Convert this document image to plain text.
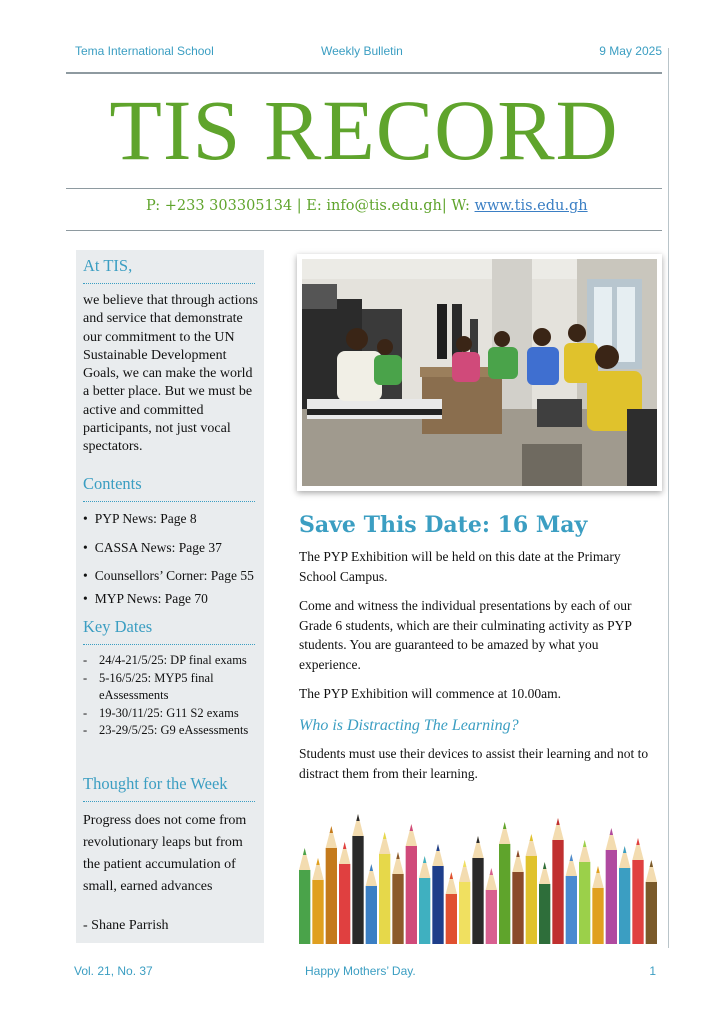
Tema International School	Weekly Bulletin	9 May 2025
TIS RECORD
P: +233 303305134 | E: info@tis.edu.gh| W: www.tis.edu.gh
At TIS,
we believe that through actions and service that demonstrate our commitment to the UN Sustainable Development Goals, we can make the world a better place. But we must be active and committed participants, not just vocal spectators.
Contents
• PYP News: Page 8
• CASSA News: Page 37
• Counsellors’ Corner: Page 55
• MYP News: Page 70
Key Dates
- 24/4-21/5/25: DP final exams
- 5-16/5/25: MYP5 final eAssessments
- 19-30/11/25: G11 S2 exams
- 23-29/5/25: G9 eAssessments
Thought for the Week
Progress does not come from revolutionary leaps but from the patient accumulation of small, earned advances
- Shane Parrish
Save This Date: 16 May
The PYP Exhibition will be held on this date at the Primary School Campus.
Come and witness the individual presentations by each of our Grade 6 students, which are their culminating activity as PYP students. You are guaranteed to be amazed by what you experience.
The PYP Exhibition will commence at 10.00am.
Who is Distracting The Learning?
Students must use their devices to assist their learning and not to distract them from their learning.
Vol. 21, No. 37	Happy Mothers’ Day.	1
